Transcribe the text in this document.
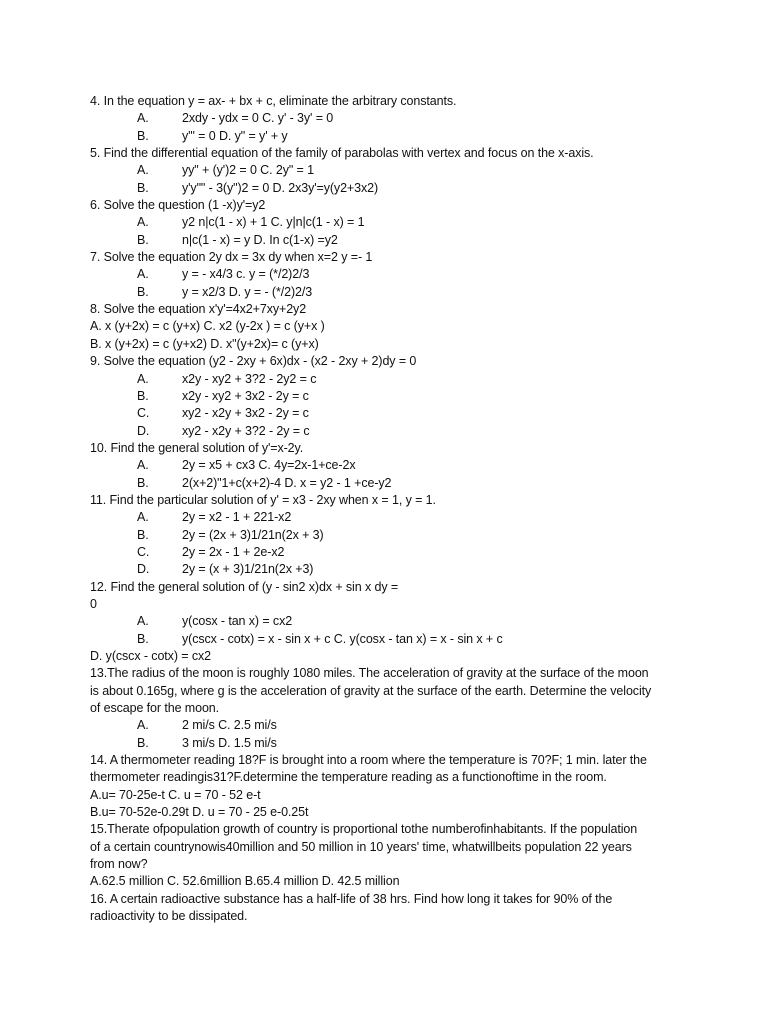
4. In the equation y = ax- + bx + c, eliminate the arbitrary constants.
A.	2xdy - ydx = 0 C. y' - 3y' = 0
B.	y'" = 0 D. y" = y' + y
5. Find the differential equation of the family of parabolas with vertex and focus on the x-axis.
A.	yy" + (y')2 = 0 C. 2y" = 1
B.	y'y"" - 3(y")2 = 0 D. 2x3y'=y(y2+3x2)
6. Solve the question (1 -x)y'=y2
A.	y2 n|c(1 - x) + 1 C. y|n|c(1 - x) = 1
B.	n|c(1 - x) = y D. In c(1-x) =y2
7. Solve the equation 2y dx = 3x dy when x=2 y =- 1
A.	y = - x4/3 c. y = (*/2)2/3
B.	y = x2/3 D. y = - (*/2)2/3
8. Solve the equation x'y'=4x2+7xy+2y2
A. x (y+2x) = c (y+x) C. x2 (y-2x ) = c (y+x )
B. x (y+2x) = c (y+x2) D. x"(y+2x)= c (y+x)
9. Solve the equation (y2 - 2xy + 6x)dx - (x2 - 2xy + 2)dy = 0
A.	x2y - xy2 + 3?2 - 2y2 = c
B.	x2y - xy2 + 3x2 - 2y = c
C.	xy2 - x2y + 3x2 - 2y = c
D.	xy2 - x2y + 3?2 - 2y = c
10. Find the general solution of y'=x-2y.
A.	2y = x5 + cx3 C. 4y=2x-1+ce-2x
B.	2(x+2)"1+c(x+2)-4 D. x = y2 - 1 +ce-y2
11. Find the particular solution of y' = x3 - 2xy when x = 1, y = 1.
A.	2y = x2 - 1 + 221-x2
B.	2y = (2x + 3)1/21n(2x + 3)
C.	2y = 2x - 1 + 2e-x2
D.	2y = (x + 3)1/21n(2x +3)
12. Find the general solution of (y - sin2 x)dx + sin x dy =
0
A.	y(cosx - tan x) = cx2
B.	y(cscx - cotx) = x - sin x + c C. y(cosx - tan x) = x - sin x + c
D. y(cscx - cotx) = cx2
13.The radius of the moon is roughly 1080 miles. The acceleration of gravity at the surface of the moon
is about 0.165g, where g is the acceleration of gravity at the surface of the earth. Determine the velocity
of escape for the moon.
A.	2 mi/s C. 2.5 mi/s
B.	3 mi/s D. 1.5 mi/s
14. A thermometer reading 18?F is brought into a room where the temperature is 70?F; 1 min. later the
thermometer readingis31?F.determine the temperature reading as a functionoftime in the room.
A.u= 70-25e-t C. u = 70 - 52 e-t
B.u= 70-52e-0.29t D. u = 70 - 25 e-0.25t
15.Therate ofpopulation growth of country is proportional tothe numberofinhabitants. If the population
of a certain countrynowis40million and 50 million in 10 years' time, whatwillbeits population 22 years
from now?
A.62.5 million C. 52.6million B.65.4 million D. 42.5 million
16. A certain radioactive substance has a half-life of 38 hrs. Find how long it takes for 90% of the
radioactivity to be dissipated.
